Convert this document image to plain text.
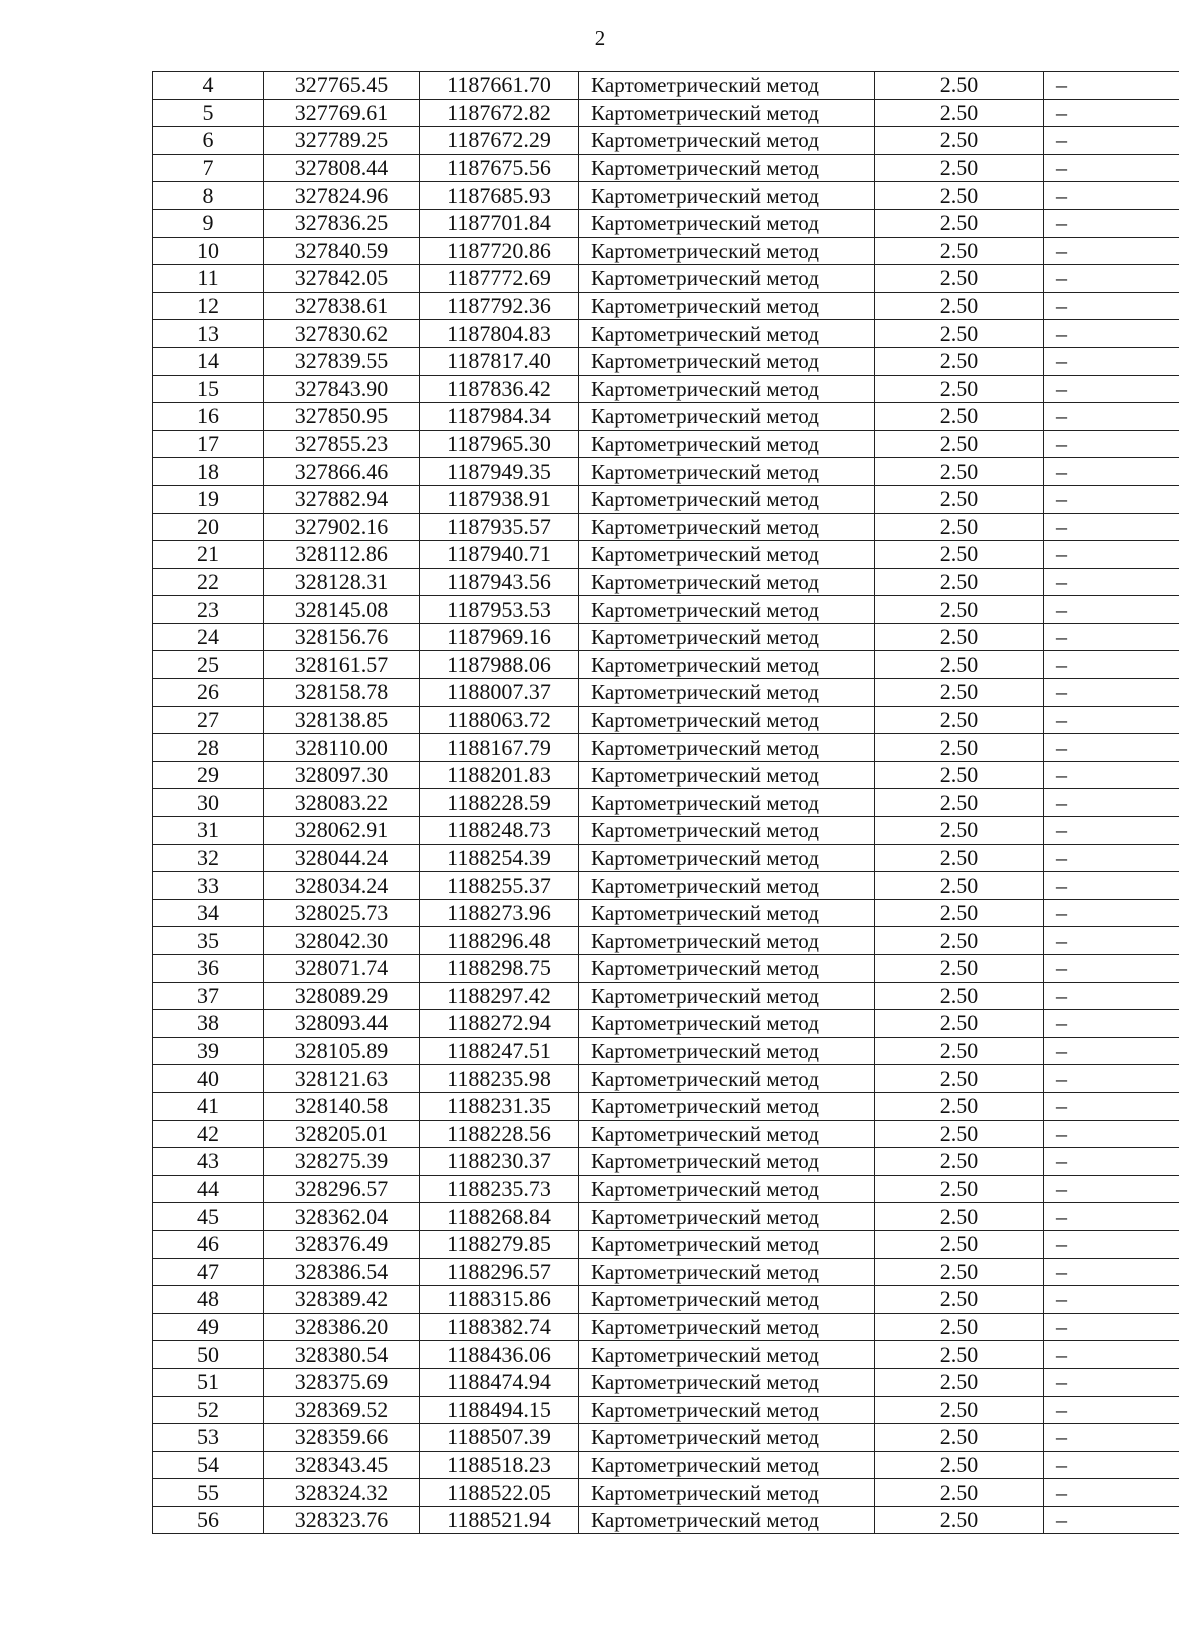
2
4	327765.45	1187661.70	Картометрический метод	2.50	–
5	327769.61	1187672.82	Картометрический метод	2.50	–
6	327789.25	1187672.29	Картометрический метод	2.50	–
7	327808.44	1187675.56	Картометрический метод	2.50	–
8	327824.96	1187685.93	Картометрический метод	2.50	–
9	327836.25	1187701.84	Картометрический метод	2.50	–
10	327840.59	1187720.86	Картометрический метод	2.50	–
11	327842.05	1187772.69	Картометрический метод	2.50	–
12	327838.61	1187792.36	Картометрический метод	2.50	–
13	327830.62	1187804.83	Картометрический метод	2.50	–
14	327839.55	1187817.40	Картометрический метод	2.50	–
15	327843.90	1187836.42	Картометрический метод	2.50	–
16	327850.95	1187984.34	Картометрический метод	2.50	–
17	327855.23	1187965.30	Картометрический метод	2.50	–
18	327866.46	1187949.35	Картометрический метод	2.50	–
19	327882.94	1187938.91	Картометрический метод	2.50	–
20	327902.16	1187935.57	Картометрический метод	2.50	–
21	328112.86	1187940.71	Картометрический метод	2.50	–
22	328128.31	1187943.56	Картометрический метод	2.50	–
23	328145.08	1187953.53	Картометрический метод	2.50	–
24	328156.76	1187969.16	Картометрический метод	2.50	–
25	328161.57	1187988.06	Картометрический метод	2.50	–
26	328158.78	1188007.37	Картометрический метод	2.50	–
27	328138.85	1188063.72	Картометрический метод	2.50	–
28	328110.00	1188167.79	Картометрический метод	2.50	–
29	328097.30	1188201.83	Картометрический метод	2.50	–
30	328083.22	1188228.59	Картометрический метод	2.50	–
31	328062.91	1188248.73	Картометрический метод	2.50	–
32	328044.24	1188254.39	Картометрический метод	2.50	–
33	328034.24	1188255.37	Картометрический метод	2.50	–
34	328025.73	1188273.96	Картометрический метод	2.50	–
35	328042.30	1188296.48	Картометрический метод	2.50	–
36	328071.74	1188298.75	Картометрический метод	2.50	–
37	328089.29	1188297.42	Картометрический метод	2.50	–
38	328093.44	1188272.94	Картометрический метод	2.50	–
39	328105.89	1188247.51	Картометрический метод	2.50	–
40	328121.63	1188235.98	Картометрический метод	2.50	–
41	328140.58	1188231.35	Картометрический метод	2.50	–
42	328205.01	1188228.56	Картометрический метод	2.50	–
43	328275.39	1188230.37	Картометрический метод	2.50	–
44	328296.57	1188235.73	Картометрический метод	2.50	–
45	328362.04	1188268.84	Картометрический метод	2.50	–
46	328376.49	1188279.85	Картометрический метод	2.50	–
47	328386.54	1188296.57	Картометрический метод	2.50	–
48	328389.42	1188315.86	Картометрический метод	2.50	–
49	328386.20	1188382.74	Картометрический метод	2.50	–
50	328380.54	1188436.06	Картометрический метод	2.50	–
51	328375.69	1188474.94	Картометрический метод	2.50	–
52	328369.52	1188494.15	Картометрический метод	2.50	–
53	328359.66	1188507.39	Картометрический метод	2.50	–
54	328343.45	1188518.23	Картометрический метод	2.50	–
55	328324.32	1188522.05	Картометрический метод	2.50	–
56	328323.76	1188521.94	Картометрический метод	2.50	–
